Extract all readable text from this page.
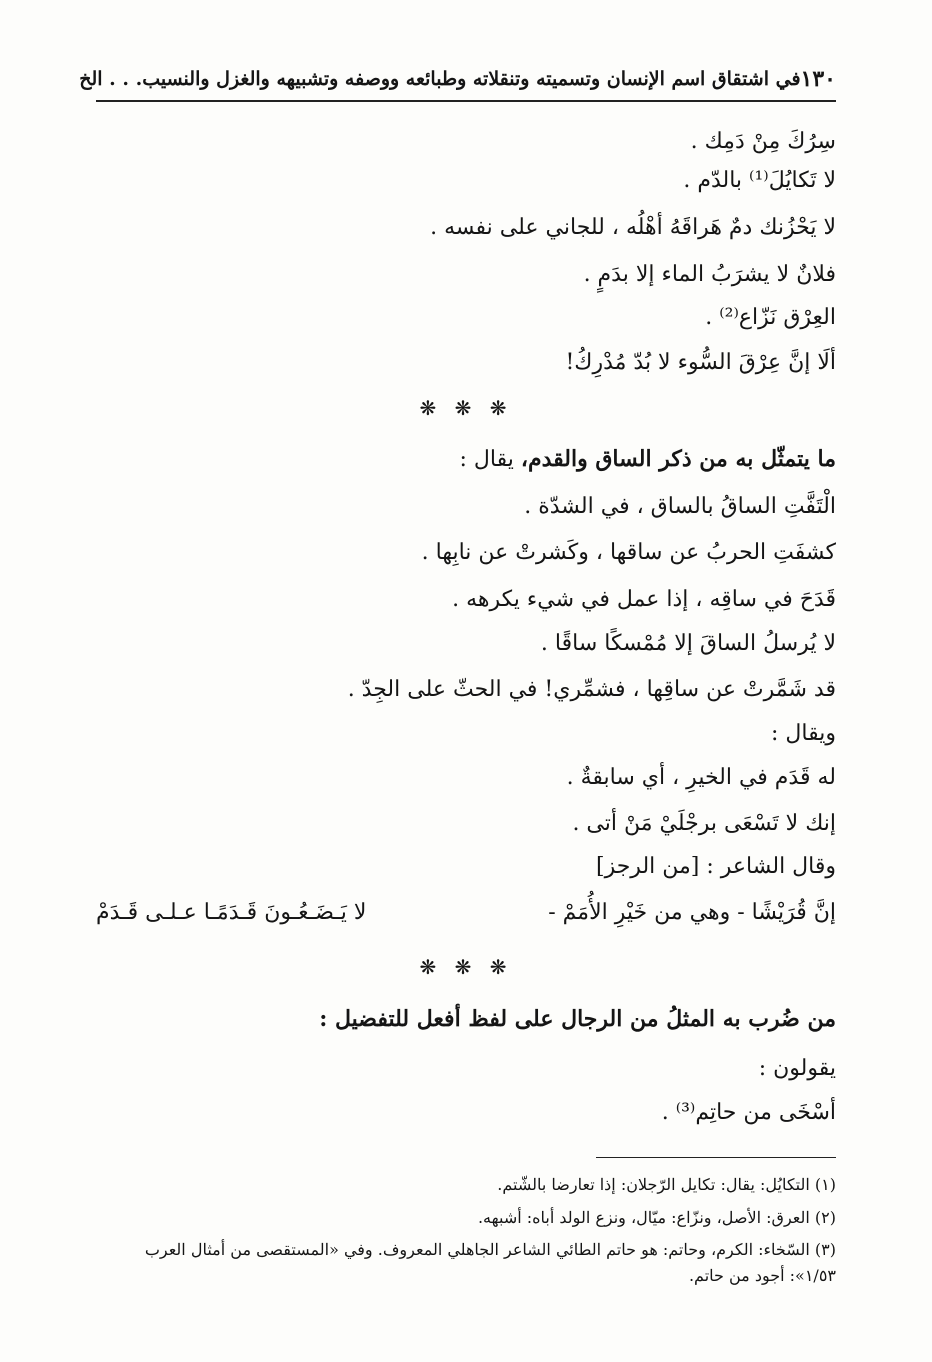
١٣٠
في اشتقاق اسم الإنسان وتسميته وتنقلاته وطبائعه ووصفه وتشبيهه والغزل والنسيب. . . الخ
سِرُكَ مِنْ دَمِك .
لا تَكايُلَ⁽¹⁾ بالدّم .
لا يَحْزُنك دمٌ هَراقَهُ أهْلُه ، للجاني على نفسه .
فلانٌ لا يشرَبُ الماء إلا بدَمٍ .
العِرْق نَزّاع⁽²⁾ .
ألَا إنَّ عِرْقَ السُّوء لا بُدّ مُدْرِكُ!
❋ ❋ ❋
ما يتمثّل به من ذكر الساق والقدم، يقال :
الْتَفَّتِ الساقُ بالساق ، في الشدّة .
كشفَتِ الحربُ عن ساقها ، وكَشرتْ عن نابِها .
قَدَحَ في ساقِه ، إذا عمل في شيء يكرهه .
لا يُرسلُ الساقَ إلا مُمْسكًا ساقًا .
قد شَمَّرتْ عن ساقِها ، فشمِّري! في الحثّ على الجِدّ .
ويقال :
له قَدَم في الخيرِ ، أي سابقةٌ .
إنك لا تَسْعَى برجْلَيْ مَنْ أتى .
وقال الشاعر : [من الرجز]
إنَّ قُرَيْشًا - وهي من خَيْرِ الأُمَمْ -
لا يَـضَـعُـونَ قَـدَمًـا عـلـى قَـدَمْ
❋ ❋ ❋
من ضُرب به المثلُ من الرجال على لفظ أفعل للتفضيل :
يقولون :
أسْخَى من حاتِم⁽³⁾ .
(١) التكايُل: يقال: تكايل الرّجلان: إذا تعارضا بالشّتم.
(٢) العرق: الأصل، ونزّاع: ميّال، ونزع الولد أباه: أشبهه.
(٣) السّخاء: الكرم، وحاتم: هو حاتم الطائي الشاعر الجاهلي المعروف. وفي «المستقصى من أمثال العرب ١/٥٣»: أجود من حاتم.
